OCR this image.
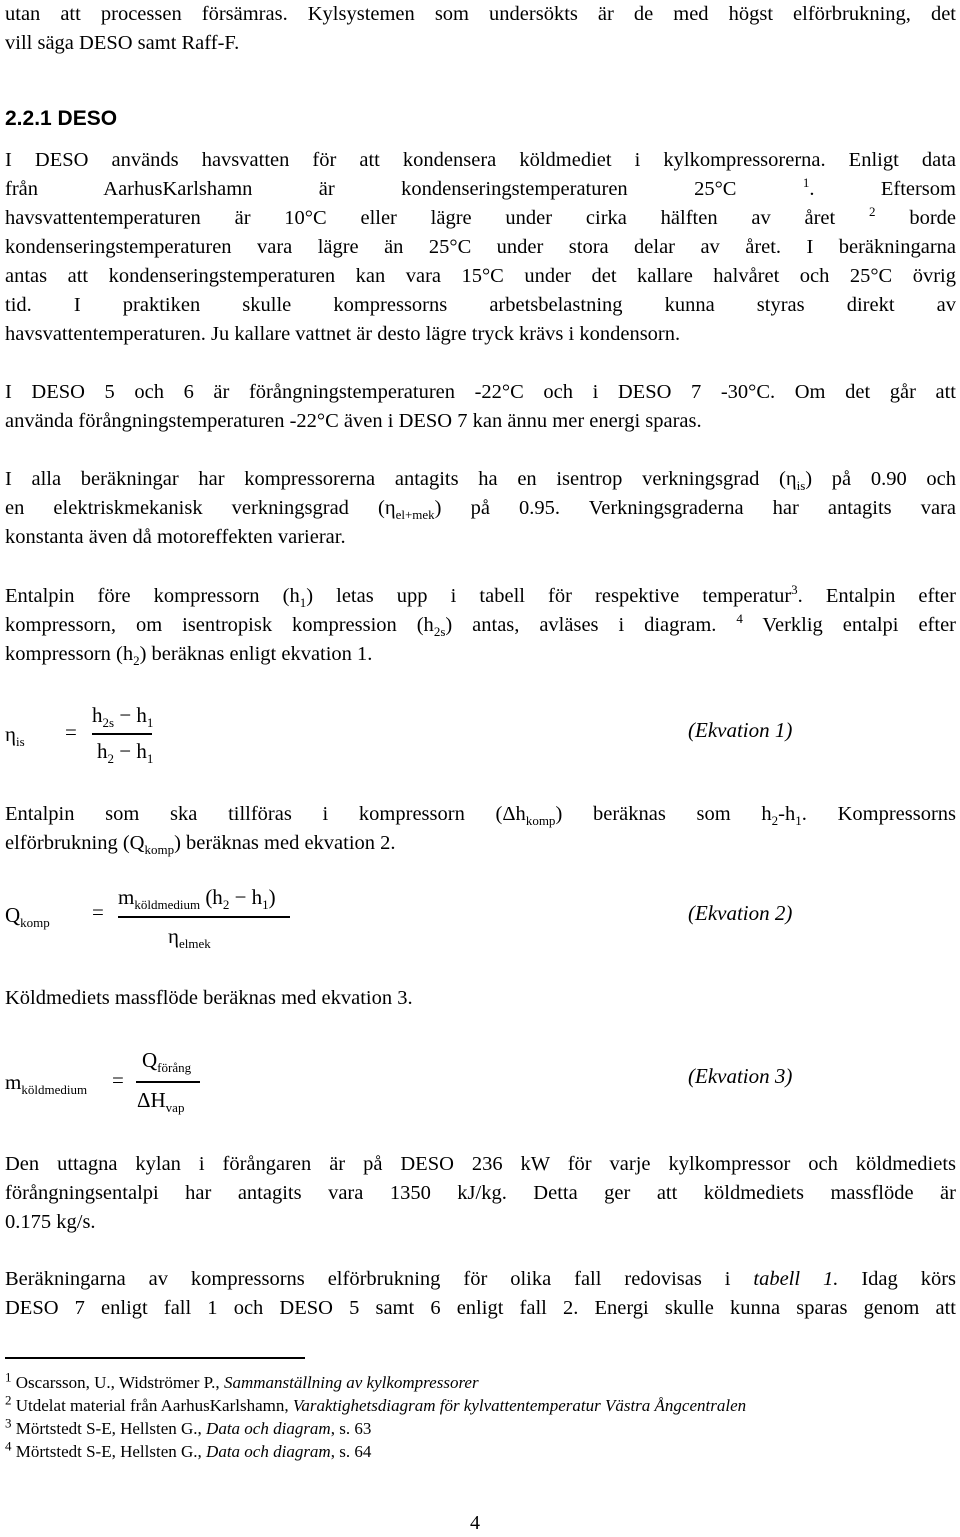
utan att processen försämras. Kylsystemen som undersökts är de med högst elförbrukning, det
vill säga DESO samt Raff-F.

2.2.1 DESO

I DESO används havsvatten för att kondensera köldmediet i kylkompressorerna. Enligt data
från AarhusKarlshamn är kondenseringstemperaturen 25°C	$^1$. Eftersom
havsvattentemperaturen är 10°C eller lägre under cirka hälften av året	$^2$ borde
kondenseringstemperaturen vara lägre än 25°C under stora delar av året. I beräkningarna
antas att kondenseringstemperaturen kan vara 15°C under det kallare halvåret och 25°C övrig
tid. I praktiken skulle kompressorns arbetsbelastning kunna styras direkt av
havsvattentemperaturen. Ju kallare vattnet är desto lägre tryck krävs i kondensorn.

I DESO 5 och 6 är förångningstemperaturen -22°C och i DESO 7 -30°C. Om det går att
använda förångningstemperaturen -22°C även i DESO 7 kan ännu mer energi sparas.

I alla beräkningar har kompressorerna antagits ha en isentrop verkningsgrad $(\eta_{is})$ på 0.90 och
en elektriskmekanisk verkningsgrad $(\eta_{el+mek})$ på 0.95. Verkningsgraderna har antagits vara
konstanta även då motoreffekten varierar.

Entalpin före kompressorn $(h_1)$ letas upp i tabell för respektive temperatur$^3$. Entalpin efter
kompressorn, om isentropisk kompression $(h_{2s})$ antas, avläses i diagram. $^4$ Verklig entalpi efter
kompressorn $(h_2)$ beräknas enligt ekvation 1.

$\eta_{is}$ =
$h_{2s} - h_1$
$h_2 - h_1$
(Ekvation 1)

Entalpin som ska tillföras i kompressorn $(\Delta h_{komp})$ beräknas som $h_2-h_1$. Kompressorns
elförbrukning $(Q_{komp})$ beräknas med ekvation 2.

$Q_{komp}$ =
$m_{köldmedium}$ $(h_2 - h_1)$
$\eta_{elmek}$
(Ekvation 2)

Köldmediets massflöde beräknas med ekvation 3.

$m_{köldmedium}$ =
$Q_{förång}$
$\Delta H_{vap}$
(Ekvation 3)

Den uttagna kylan i förångaren är på DESO 236 kW för varje kylkompressor och köldmediets
förångningsentalpi har antagits vara 1350 kJ/kg. Detta ger att köldmediets massflöde är
0.175 kg/s.

Beräkningarna av kompressorns elförbrukning för olika fall redovisas i tabell 1. Idag körs
DESO 7 enligt fall 1 och DESO 5 samt 6 enligt fall 2. Energi skulle kunna sparas genom att

$^1$ Oscarsson, U., Widströmer P., Sammanställning av kylkompressorer
$^2$ Utdelat material från AarhusKarlshamn, Varaktighetsdiagram för kylvattentemperatur Västra Ångcentralen
$^3$ Mörtstedt S-E, Hellsten G., Data och diagram, s. 63
$^4$ Mörtstedt S-E, Hellsten G., Data och diagram, s. 64
4
